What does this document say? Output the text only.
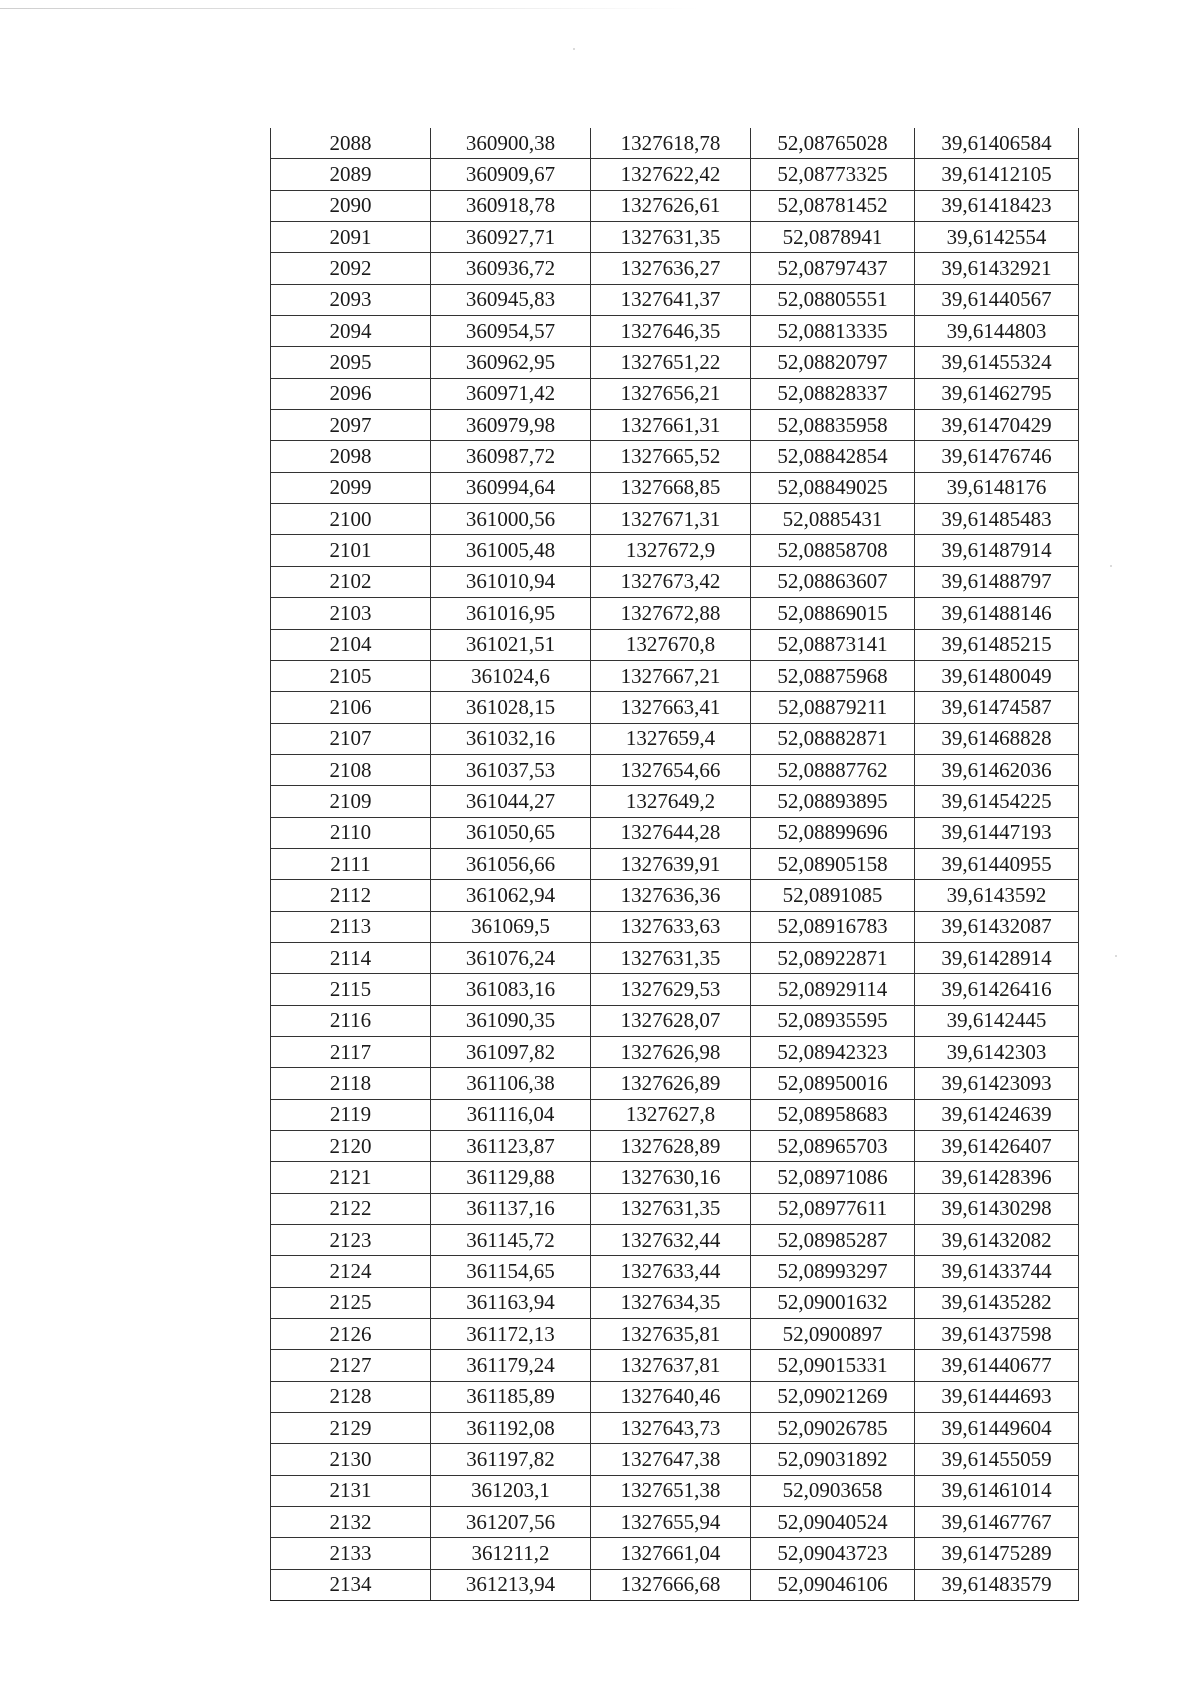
2088	360900,38	1327618,78	52,08765028	39,61406584
2089	360909,67	1327622,42	52,08773325	39,61412105
2090	360918,78	1327626,61	52,08781452	39,61418423
2091	360927,71	1327631,35	52,0878941	39,6142554
2092	360936,72	1327636,27	52,08797437	39,61432921
2093	360945,83	1327641,37	52,08805551	39,61440567
2094	360954,57	1327646,35	52,08813335	39,6144803
2095	360962,95	1327651,22	52,08820797	39,61455324
2096	360971,42	1327656,21	52,08828337	39,61462795
2097	360979,98	1327661,31	52,08835958	39,61470429
2098	360987,72	1327665,52	52,08842854	39,61476746
2099	360994,64	1327668,85	52,08849025	39,6148176
2100	361000,56	1327671,31	52,0885431	39,61485483
2101	361005,48	1327672,9	52,08858708	39,61487914
2102	361010,94	1327673,42	52,08863607	39,61488797
2103	361016,95	1327672,88	52,08869015	39,61488146
2104	361021,51	1327670,8	52,08873141	39,61485215
2105	361024,6	1327667,21	52,08875968	39,61480049
2106	361028,15	1327663,41	52,08879211	39,61474587
2107	361032,16	1327659,4	52,08882871	39,61468828
2108	361037,53	1327654,66	52,08887762	39,61462036
2109	361044,27	1327649,2	52,08893895	39,61454225
2110	361050,65	1327644,28	52,08899696	39,61447193
2111	361056,66	1327639,91	52,08905158	39,61440955
2112	361062,94	1327636,36	52,0891085	39,6143592
2113	361069,5	1327633,63	52,08916783	39,61432087
2114	361076,24	1327631,35	52,08922871	39,61428914
2115	361083,16	1327629,53	52,08929114	39,61426416
2116	361090,35	1327628,07	52,08935595	39,6142445
2117	361097,82	1327626,98	52,08942323	39,6142303
2118	361106,38	1327626,89	52,08950016	39,61423093
2119	361116,04	1327627,8	52,08958683	39,61424639
2120	361123,87	1327628,89	52,08965703	39,61426407
2121	361129,88	1327630,16	52,08971086	39,61428396
2122	361137,16	1327631,35	52,08977611	39,61430298
2123	361145,72	1327632,44	52,08985287	39,61432082
2124	361154,65	1327633,44	52,08993297	39,61433744
2125	361163,94	1327634,35	52,09001632	39,61435282
2126	361172,13	1327635,81	52,0900897	39,61437598
2127	361179,24	1327637,81	52,09015331	39,61440677
2128	361185,89	1327640,46	52,09021269	39,61444693
2129	361192,08	1327643,73	52,09026785	39,61449604
2130	361197,82	1327647,38	52,09031892	39,61455059
2131	361203,1	1327651,38	52,0903658	39,61461014
2132	361207,56	1327655,94	52,09040524	39,61467767
2133	361211,2	1327661,04	52,09043723	39,61475289
2134	361213,94	1327666,68	52,09046106	39,61483579
